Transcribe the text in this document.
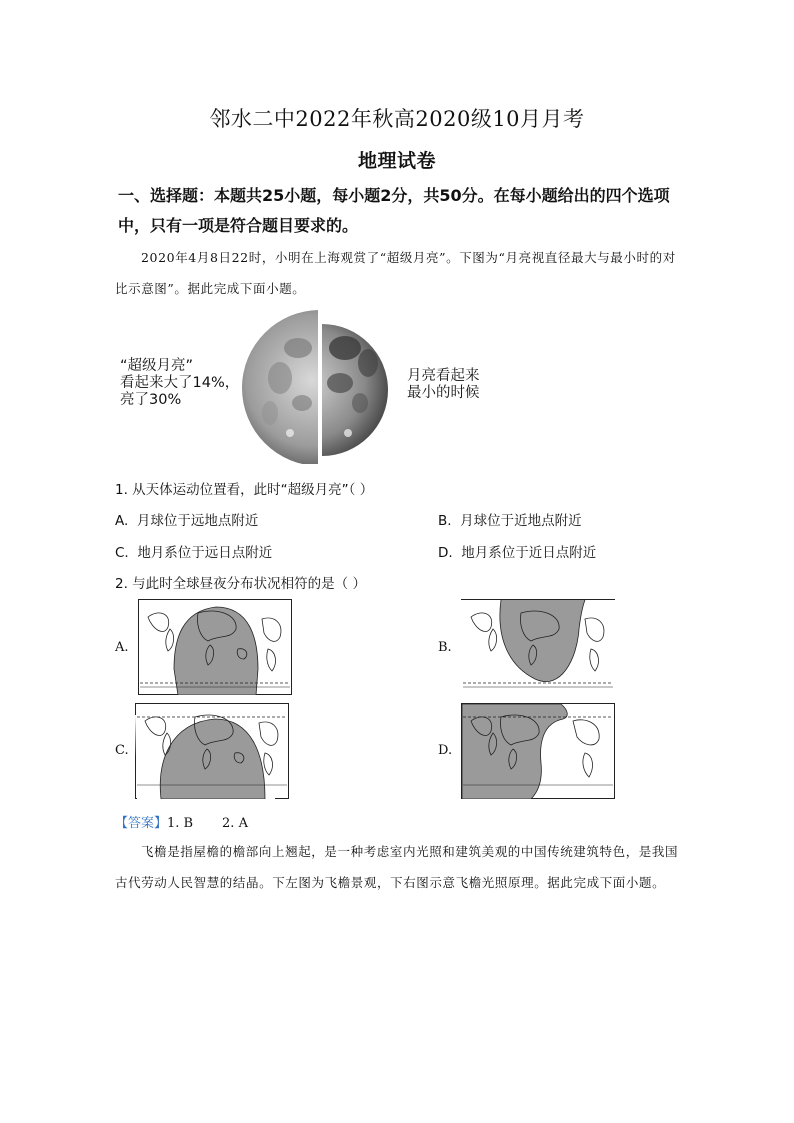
邻水二中2022年秋高2020级10月月考
地理试卷
一、选择题：本题共25小题，每小题2分，共50分。在每小题给出的四个选项中，只有一项是符合题目要求的。
2020年4月8日22时，小明在上海观赏了“超级月亮”。下图为“月亮视直径最大与最小时的对比示意图”。据此完成下面小题。
“超级月亮”
看起来大了14%，
亮了30%
月亮看起来
最小的时候
1. 从天体运动位置看，此时“超级月亮”（ ）
A. 月球位于远地点附近	B. 月球位于近地点附近
C. 地月系位于远日点附近	D. 地月系位于近日点附近
2. 与此时全球昼夜分布状况相符的是（ ）
A.	B.
C.	D.
【答案】1. B       2. A
飞檐是指屋檐的檐部向上翘起，是一种考虑室内光照和建筑美观的中国传统建筑特色，是我国古代劳动人民智慧的结晶。下左图为飞檐景观，下右图示意飞檐光照原理。据此完成下面小题。
